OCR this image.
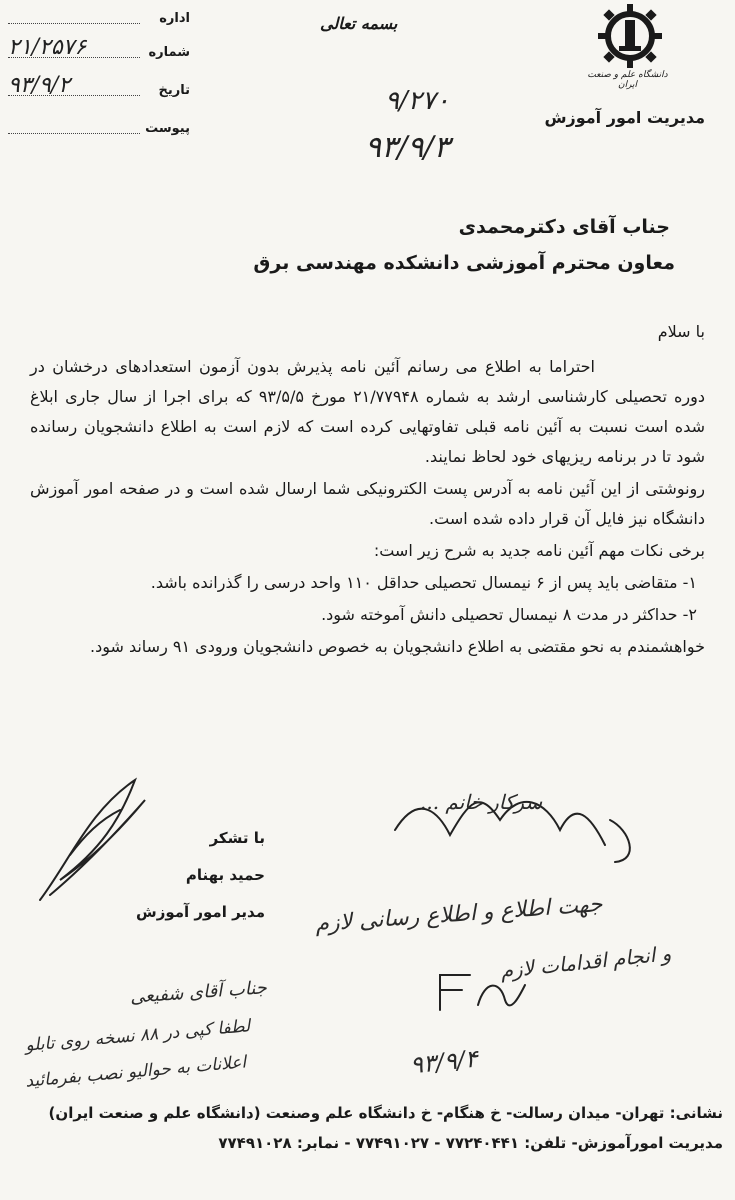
اداره
شماره
۲۱/۲۵۷۶
تاریخ
۹۳/۹/۲
پیوست
بسمه تعالی
دانشگاه علم و صنعت ایران
مدیریت امور آموزش
۹/۲۷۰
۹۳/۹/۳
جناب آقای دکترمحمدی
معاون محترم آموزشی دانشکده مهندسی برق
با سلام

احتراما به اطلاع می رسانم آئین نامه پذیرش بدون آزمون استعدادهای درخشان در دوره تحصیلی کارشناسی ارشد به شماره ۲۱/۷۷۹۴۸ مورخ ۹۳/۵/۵ که برای اجرا از سال جاری ابلاغ شده است نسبت به آئین نامه قبلی تفاوتهایی کرده است که لازم است به اطلاع دانشجویان رسانده شود تا در برنامه ریزیهای خود لحاظ نمایند.

رونوشتی از این آئین نامه به آدرس پست الکترونیکی شما ارسال شده است و در صفحه امور آموزش دانشگاه نیز فایل آن قرار داده شده است.

برخی نکات مهم آئین نامه جدید به شرح زیر است:

۱- متقاضی باید پس از ۶ نیمسال تحصیلی حداقل ۱۱۰ واحد درسی را گذرانده باشد.

۲- حداکثر در مدت ۸ نیمسال تحصیلی دانش آموخته شود.

خواهشمندم به نحو مقتضی به اطلاع دانشجویان به خصوص دانشجویان ورودی ۹۱ رساند شود.

با تشکر
حمید بهنام
مدیر امور آموزش
سرکار خانم ...
جهت اطلاع و اطلاع رسانی لازم
و انجام اقدامات لازم
جناب آقای شفیعی
لطفا کپی در ۸۸ نسخه روی تابلو
اعلانات به حوالیو نصب بفرمائید	۹۳/۹/۴
نشانی: تهران- میدان رسالت- خ هنگام- خ دانشگاه علم وصنعت (دانشگاه علم و صنعت ایران)
مدیریت امورآموزش- تلفن: ۷۷۲۴۰۴۴۱ - ۷۷۴۹۱۰۲۷ - نمابر: ۷۷۴۹۱۰۲۸
